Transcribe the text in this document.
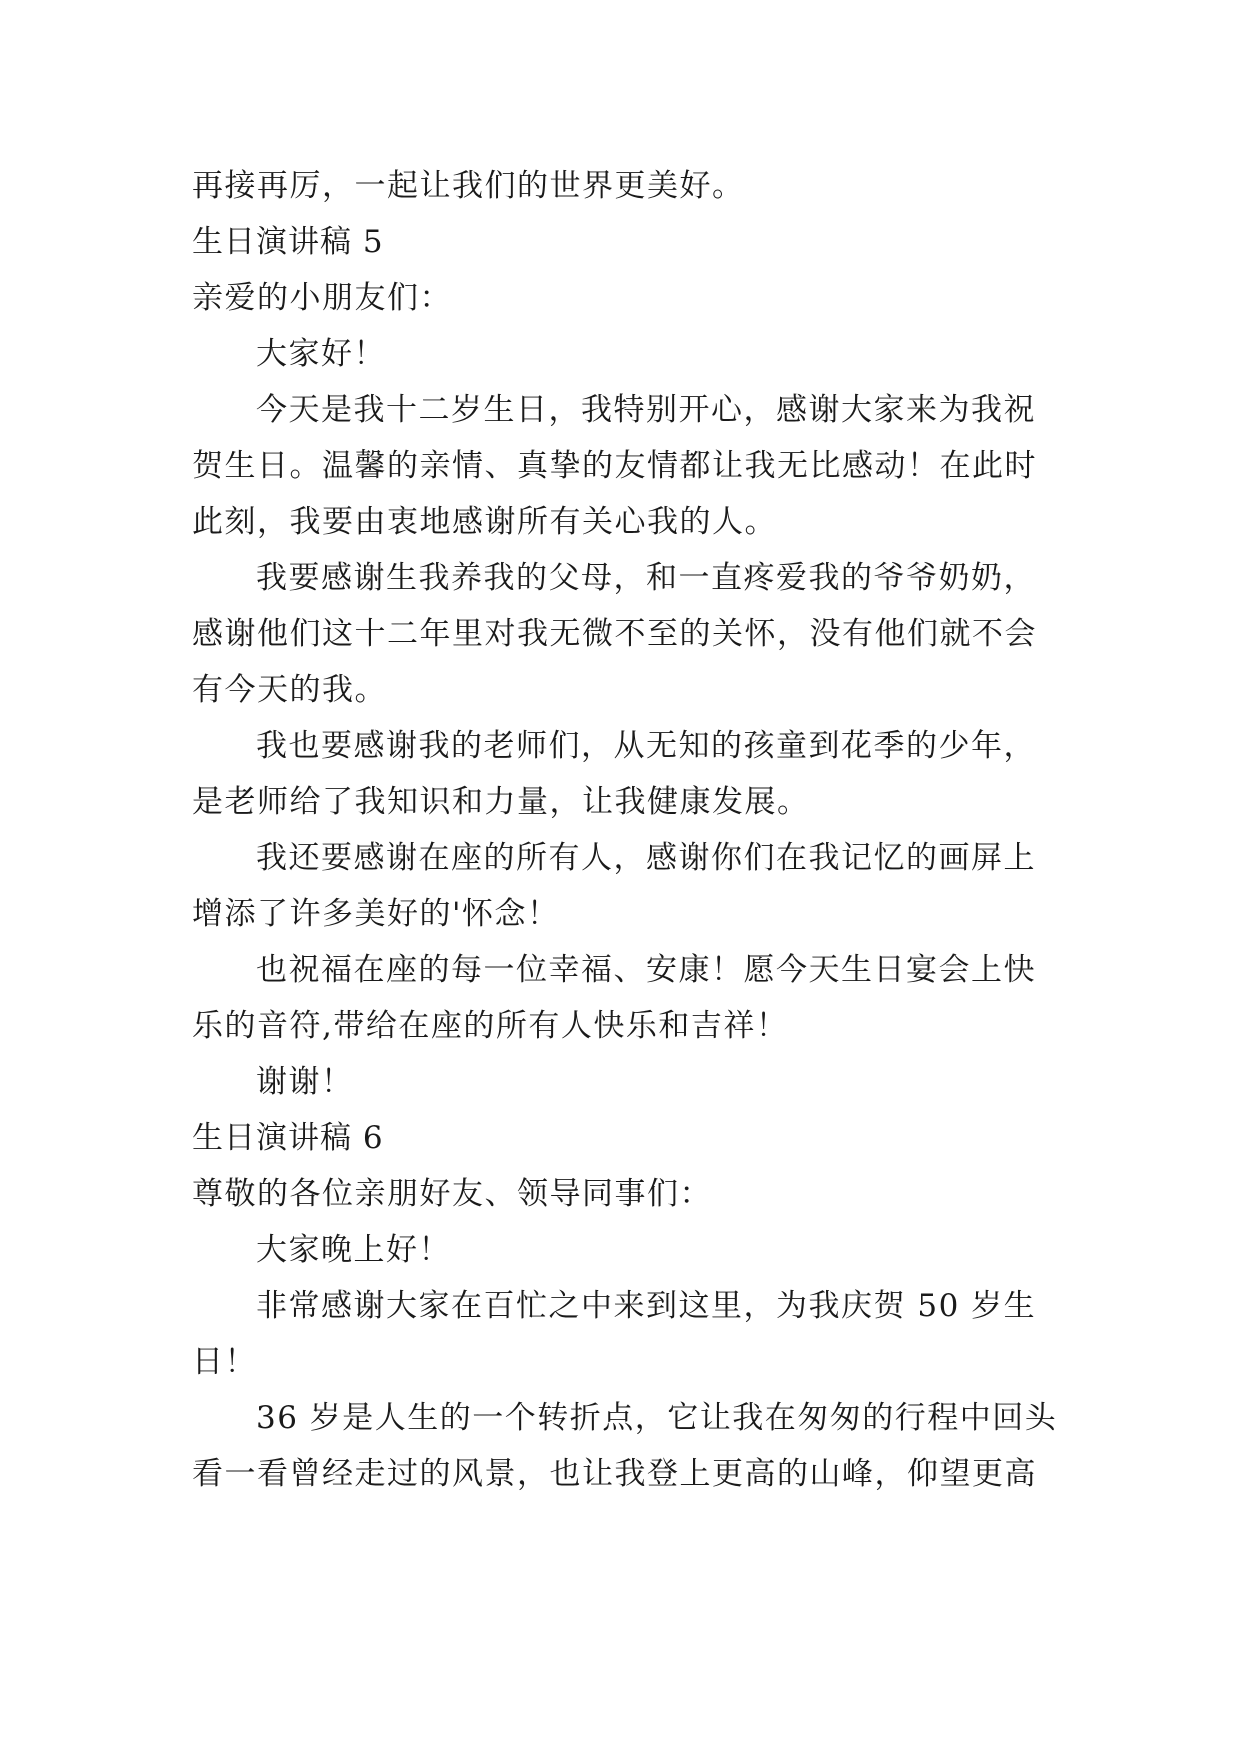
再接再厉，一起让我们的世界更美好。
生日演讲稿 5
亲爱的小朋友们：
大家好！
今天是我十二岁生日，我特别开心，感谢大家来为我祝
贺生日。温馨的亲情、真挚的友情都让我无比感动！在此时
此刻，我要由衷地感谢所有关心我的人。
我要感谢生我养我的父母，和一直疼爱我的爷爷奶奶，
感谢他们这十二年里对我无微不至的关怀，没有他们就不会
有今天的我。
我也要感谢我的老师们，从无知的孩童到花季的少年，
是老师给了我知识和力量，让我健康发展。
我还要感谢在座的所有人，感谢你们在我记忆的画屏上
增添了许多美好的'怀念！
也祝福在座的每一位幸福、安康！愿今天生日宴会上快
乐的音符,带给在座的所有人快乐和吉祥！
谢谢！
生日演讲稿 6
尊敬的各位亲朋好友、领导同事们：
大家晚上好！
非常感谢大家在百忙之中来到这里，为我庆贺 50 岁生
日！
36 岁是人生的一个转折点，它让我在匆匆的行程中回头
看一看曾经走过的风景，也让我登上更高的山峰，仰望更高
